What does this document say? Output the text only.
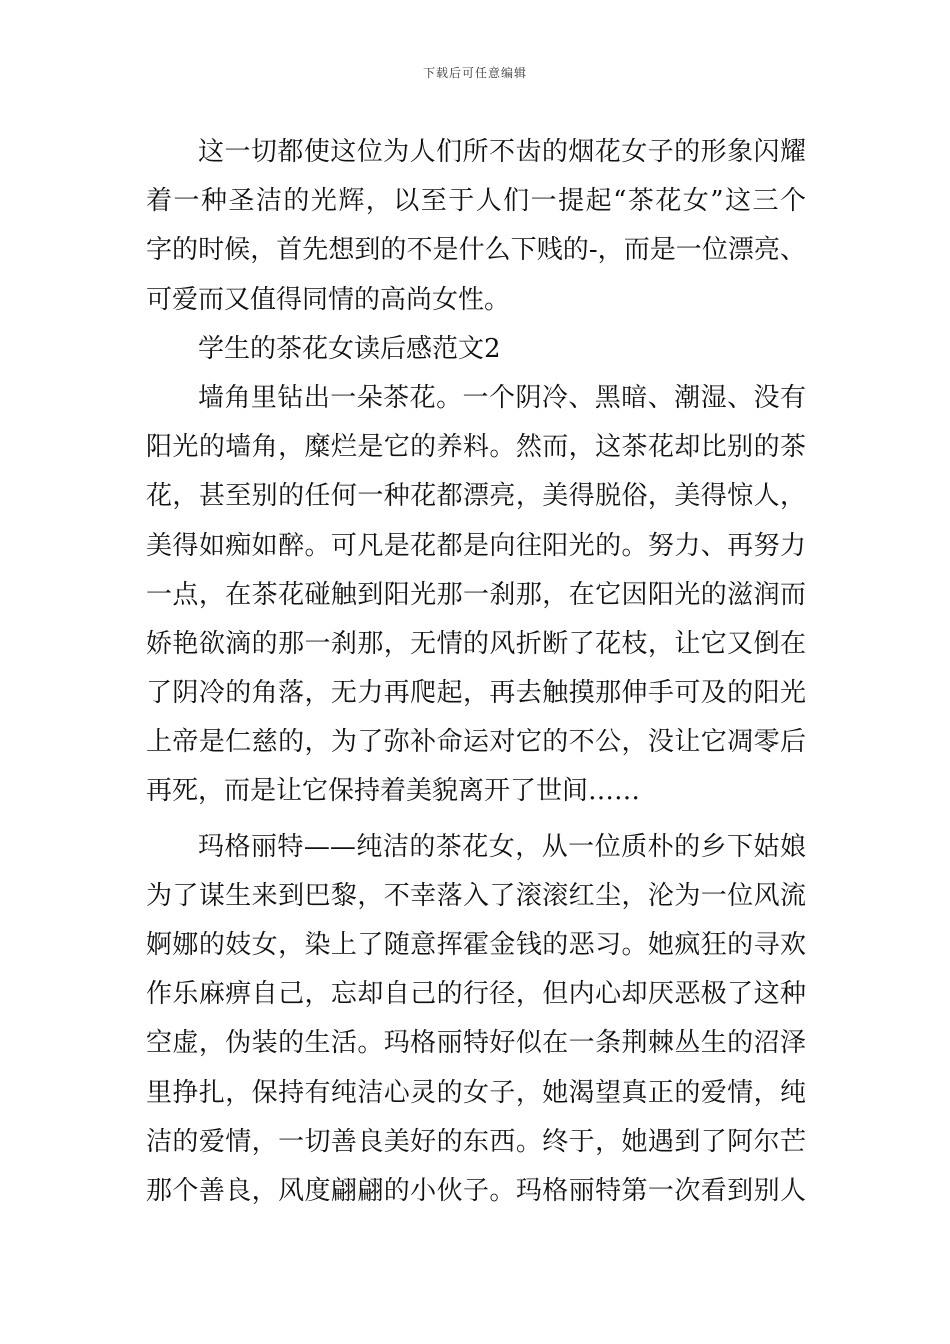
下载后可任意编辑
这一切都使这位为人们所不齿的烟花女子的形象闪耀
着一种圣洁的光辉，以至于人们一提起“茶花女”这三个
字的时候，首先想到的不是什么下贱的-，而是一位漂亮、
可爱而又值得同情的高尚女性。
学生的茶花女读后感范文2
墙角里钻出一朵茶花。一个阴冷、黑暗、潮湿、没有
阳光的墙角，糜烂是它的养料。然而，这茶花却比别的茶
花，甚至别的任何一种花都漂亮，美得脱俗，美得惊人，
美得如痴如醉。可凡是花都是向往阳光的。努力、再努力
一点，在茶花碰触到阳光那一刹那，在它因阳光的滋润而
娇艳欲滴的那一刹那，无情的风折断了花枝，让它又倒在
了阴冷的角落，无力再爬起，再去触摸那伸手可及的阳光
上帝是仁慈的，为了弥补命运对它的不公，没让它凋零后
再死，而是让它保持着美貌离开了世间……
玛格丽特——纯洁的茶花女，从一位质朴的乡下姑娘
为了谋生来到巴黎，不幸落入了滚滚红尘，沦为一位风流
婀娜的妓女，染上了随意挥霍金钱的恶习。她疯狂的寻欢
作乐麻痹自己，忘却自己的行径，但内心却厌恶极了这种
空虚，伪装的生活。玛格丽特好似在一条荆棘丛生的沼泽
里挣扎，保持有纯洁心灵的女子，她渴望真正的爱情，纯
洁的爱情，一切善良美好的东西。终于，她遇到了阿尔芒
那个善良，风度翩翩的小伙子。玛格丽特第一次看到别人
